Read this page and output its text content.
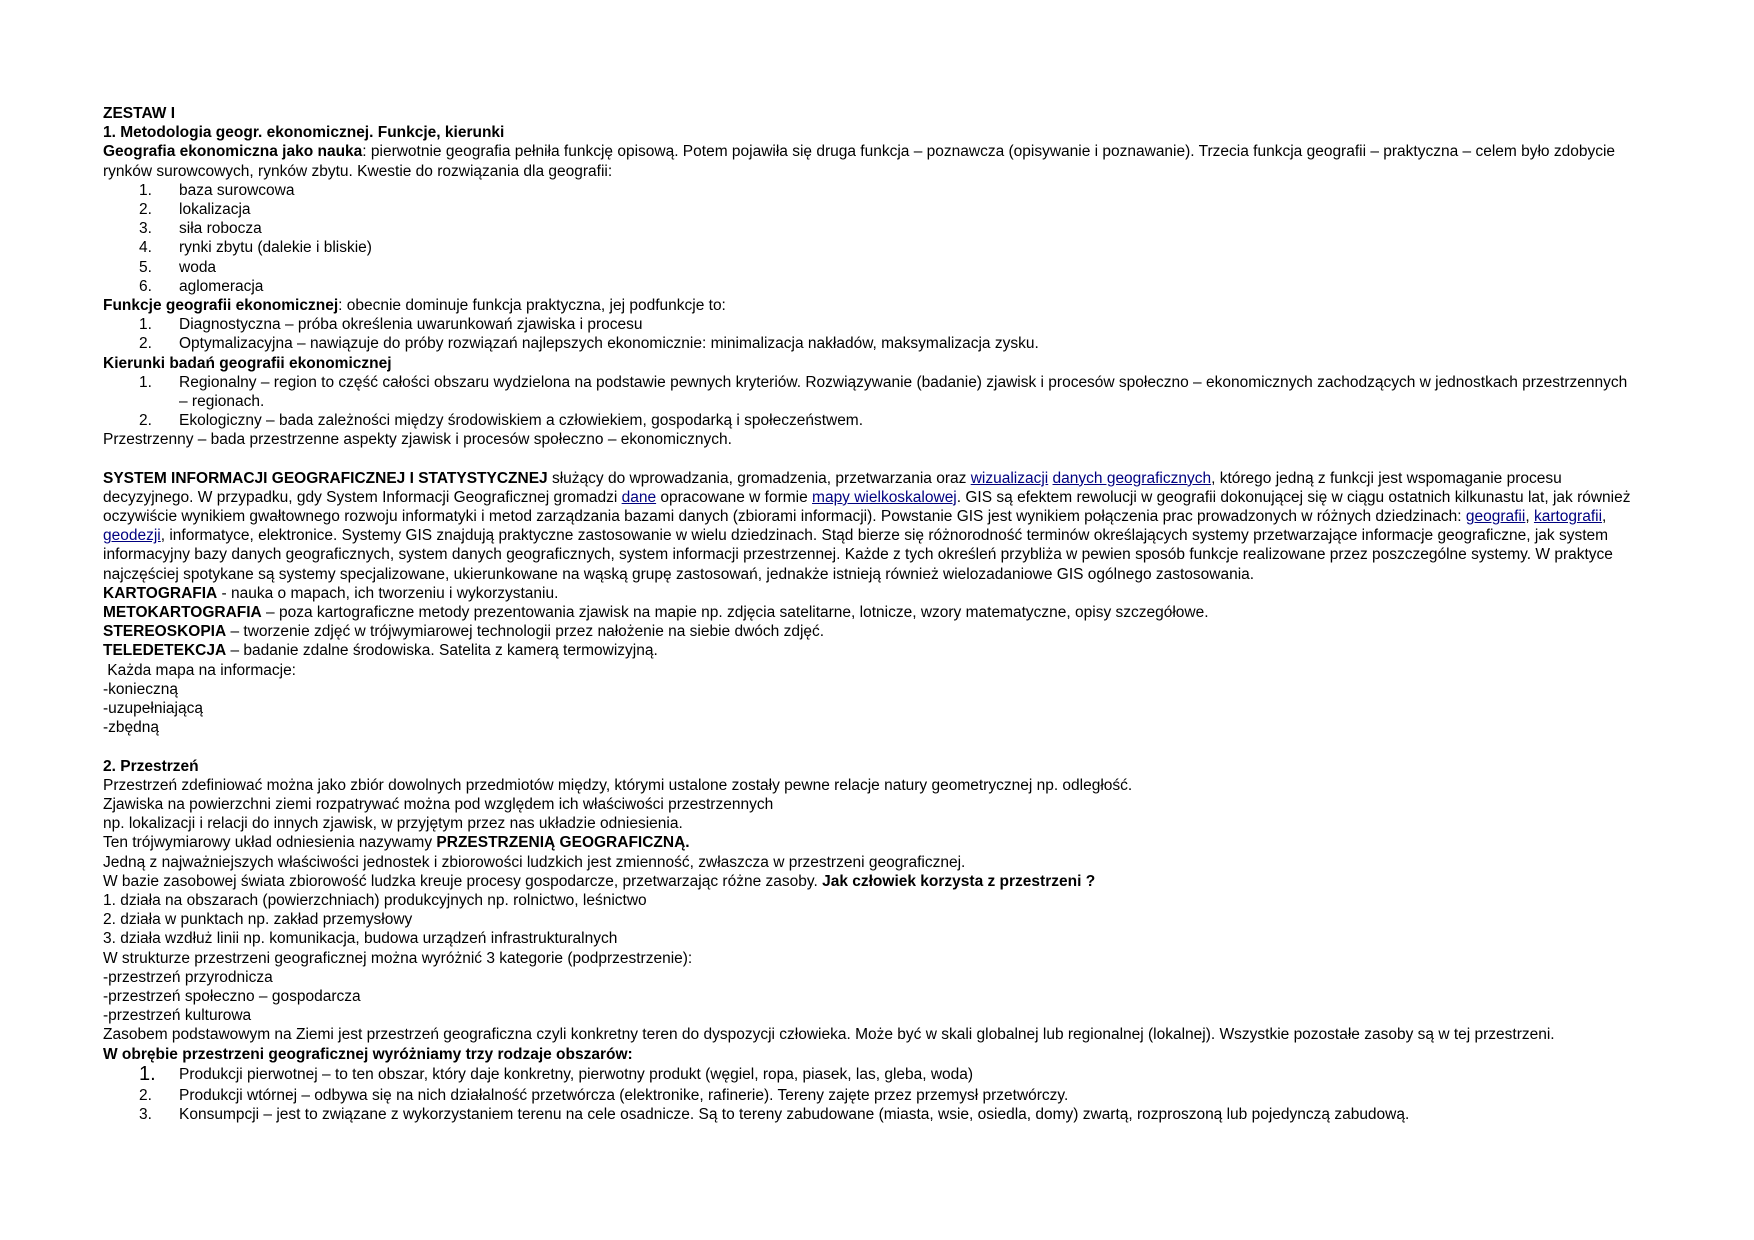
ZESTAW I
1. Metodologia geogr. ekonomicznej. Funkcje, kierunki
Geografia ekonomiczna jako nauka: pierwotnie geografia pełniła funkcję opisową. Potem pojawiła się druga funkcja – poznawcza (opisywanie i poznawanie). Trzecia funkcja geografii – praktyczna – celem było zdobycie rynków surowcowych, rynków zbytu. Kwestie do rozwiązania dla geografii:
1.	baza surowcowa
2.	lokalizacja
3.	siła robocza
4.	rynki zbytu (dalekie i bliskie)
5.	woda
6.	aglomeracja
Funkcje geografii ekonomicznej: obecnie dominuje funkcja praktyczna, jej podfunkcje to:
1.	Diagnostyczna – próba określenia uwarunkowań zjawiska i procesu
2.	Optymalizacyjna – nawiązuje do próby rozwiązań najlepszych ekonomicznie: minimalizacja nakładów, maksymalizacja zysku.
Kierunki badań geografii ekonomicznej
1.	Regionalny – region to część całości obszaru wydzielona na podstawie pewnych kryteriów. Rozwiązywanie (badanie) zjawisk i procesów społeczno – ekonomicznych zachodzących w jednostkach przestrzennych – regionach.
2.	Ekologiczny – bada zależności między środowiskiem a człowiekiem, gospodarką i społeczeństwem.
Przestrzenny – bada przestrzenne aspekty zjawisk i procesów społeczno – ekonomicznych.
SYSTEM INFORMACJI GEOGRAFICZNEJ I STATYSTYCZNEJ służący do wprowadzania, gromadzenia, przetwarzania oraz wizualizacji danych geograficznych, którego jedną z funkcji jest wspomaganie procesu decyzyjnego. W przypadku, gdy System Informacji Geograficznej gromadzi dane opracowane w formie mapy wielkoskalowej. GIS są efektem rewolucji w geografii dokonującej się w ciągu ostatnich kilkunastu lat, jak również oczywiście wynikiem gwałtownego rozwoju informatyki i metod zarządzania bazami danych (zbiorami informacji). Powstanie GIS jest wynikiem połączenia prac prowadzonych w różnych dziedzinach: geografii, kartografii, geodezji, informatyce, elektronice. Systemy GIS znajdują praktyczne zastosowanie w wielu dziedzinach. Stąd bierze się różnorodność terminów określających systemy przetwarzające informacje geograficzne, jak system informacyjny bazy danych geograficznych, system danych geograficznych, system informacji przestrzennej. Każde z tych określeń przybliża w pewien sposób funkcje realizowane przez poszczególne systemy. W praktyce najczęściej spotykane są systemy specjalizowane, ukierunkowane na wąską grupę zastosowań, jednakże istnieją również wielozadaniowe GIS ogólnego zastosowania.
KARTOGRAFIA - nauka o mapach, ich tworzeniu i wykorzystaniu.
METOKARTOGRAFIA – poza kartograficzne metody prezentowania zjawisk na mapie np. zdjęcia satelitarne, lotnicze, wzory matematyczne, opisy szczegółowe.
STEREOSKOPIA – tworzenie zdjęć w trójwymiarowej technologii przez nałożenie na siebie dwóch zdjęć.
TELEDETEKCJA – badanie zdalne środowiska. Satelita z kamerą termowizyjną.
Każda mapa na informacje:
-konieczną
-uzupełniającą
-zbędną
2. Przestrzeń
Przestrzeń zdefiniować można jako zbiór dowolnych przedmiotów między, którymi ustalone zostały pewne relacje natury geometrycznej np. odległość.
Zjawiska na powierzchni ziemi rozpatrywać można pod względem ich właściwości przestrzennych
np. lokalizacji i relacji do innych zjawisk, w przyjętym przez nas układzie odniesienia.
Ten trójwymiarowy układ odniesienia nazywamy PRZESTRZENIĄ GEOGRAFICZNĄ.
Jedną z najważniejszych właściwości jednostek i zbiorowości ludzkich jest zmienność, zwłaszcza w przestrzeni geograficznej.
W bazie zasobowej świata zbiorowość ludzka kreuje procesy gospodarcze, przetwarzając różne zasoby. Jak człowiek korzysta z przestrzeni ?
1. działa na obszarach (powierzchniach) produkcyjnych np. rolnictwo, leśnictwo
2. działa w punktach np. zakład przemysłowy
3. działa wzdłuż linii np. komunikacja, budowa urządzeń infrastrukturalnych
W strukturze przestrzeni geograficznej można wyróżnić 3 kategorie (podprzestrzenie):
-przestrzeń przyrodnicza
-przestrzeń społeczno – gospodarcza
-przestrzeń kulturowa
Zasobem podstawowym na Ziemi jest przestrzeń geograficzna czyli konkretny teren do dyspozycji człowieka. Może być w skali globalnej lub regionalnej (lokalnej). Wszystkie pozostałe zasoby są w tej przestrzeni.
W obrębie przestrzeni geograficznej wyróżniamy trzy rodzaje obszarów:
1.	Produkcji pierwotnej – to ten obszar, który daje konkretny, pierwotny produkt (węgiel, ropa, piasek, las, gleba, woda)
2.	Produkcji wtórnej – odbywa się na nich działalność przetwórcza (elektronike, rafinerie). Tereny zajęte przez przemysł przetwórczy.
3.	Konsumpcji – jest to związane z wykorzystaniem terenu na cele osadnicze. Są to tereny zabudowane (miasta, wsie, osiedla, domy) zwartą, rozproszoną lub pojedynczą zabudową.
